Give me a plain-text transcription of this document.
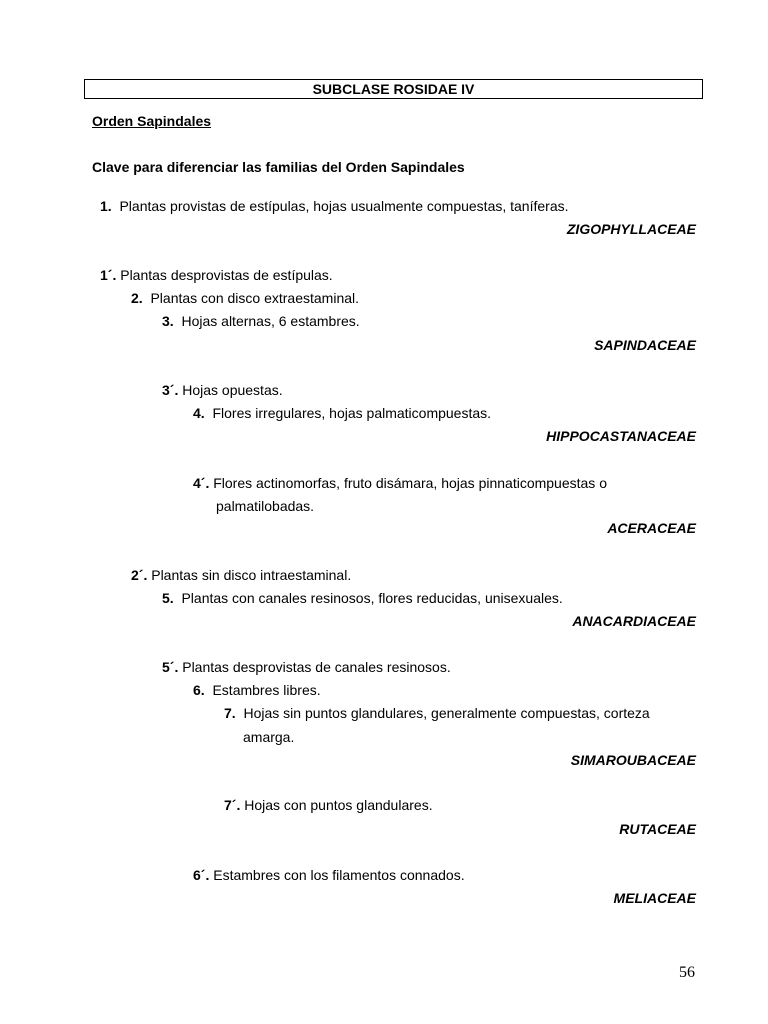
SUBCLASE ROSIDAE IV
Orden Sapindales
Clave para diferenciar las familias del Orden Sapindales
1. Plantas provistas de estípulas, hojas usualmente compuestas, taníferas.
ZIGOPHYLLACEAE
1´. Plantas desprovistas de estípulas.
2. Plantas con disco extraestaminal.
3. Hojas alternas, 6 estambres.
SAPINDACEAE
3´. Hojas opuestas.
4. Flores irregulares, hojas palmaticompuestas.
HIPPOCASTANACEAE
4´. Flores actinomorfas, fruto disámara, hojas pinnaticompuestas o
palmatilobadas.
ACERACEAE
2´. Plantas sin disco intraestaminal.
5. Plantas con canales resinosos, flores reducidas, unisexuales.
ANACARDIACEAE
5´. Plantas desprovistas de canales resinosos.
6. Estambres libres.
7. Hojas sin puntos glandulares, generalmente compuestas, corteza
amarga.
SIMAROUBACEAE
7´. Hojas con puntos glandulares.
RUTACEAE
6´. Estambres con los filamentos connados.
MELIACEAE
56
